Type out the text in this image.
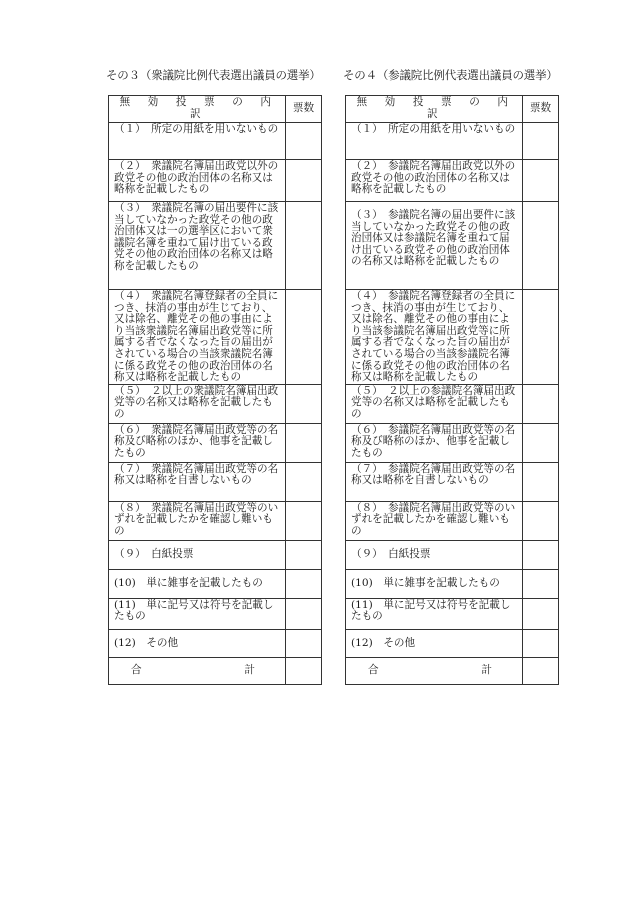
その３（衆議院比例代表選出議員の選挙）
無　効　投　票　の　内　訳	票数
（１）　所定の用紙を用いないもの	
（２）　衆議院名簿届出政党以外の政党その他の政治団体の名称又は略称を記載したもの	
（３）　衆議院名簿の届出要件に該当していなかった政党その他の政治団体又は一の選挙区において衆議院名簿を重ねて届け出ている政党その他の政治団体の名称又は略称を記載したもの	
（４）　衆議院名簿登録者の全員につき、抹消の事由が生じており、又は除名、離党その他の事由により当該衆議院名簿届出政党等に所属する者でなくなった旨の届出がされている場合の当該衆議院名簿に係る政党その他の政治団体の名称又は略称を記載したもの	
（５）　２以上の衆議院名簿届出政党等の名称又は略称を記載したもの	
（６）　衆議院名簿届出政党等の名称及び略称のほか、他事を記載したもの	
（７）　衆議院名簿届出政党等の名称又は略称を自書しないもの	
（８）　衆議院名簿届出政党等のいずれを記載したかを確認し難いもの	
（９）　白紙投票	
(10)　単に雑事を記載したもの	
(11)　単に記号又は符号を記載したもの	
(12)　その他	

合 計	

その４（参議院比例代表選出議員の選挙）
無　効　投　票　の　内　訳	票数
（１）　所定の用紙を用いないもの	
（２）　参議院名簿届出政党以外の政党その他の政治団体の名称又は略称を記載したもの	
（３）　参議院名簿の届出要件に該当していなかった政党その他の政治団体又は参議院名簿を重ねて届け出ている政党その他の政治団体の名称又は略称を記載したもの	
（４）　参議院名簿登録者の全員につき、抹消の事由が生じており、又は除名、離党その他の事由により当該参議院名簿届出政党等に所属する者でなくなった旨の届出がされている場合の当該参議院名簿に係る政党その他の政治団体の名称又は略称を記載したもの	
（５）　２以上の参議院名簿届出政党等の名称又は略称を記載したもの	
（６）　参議院名簿届出政党等の名称及び略称のほか、他事を記載したもの	
（７）　参議院名簿届出政党等の名称又は略称を自書しないもの	
（８）　参議院名簿届出政党等のいずれを記載したかを確認し難いもの	
（９）　白紙投票	
(10)　単に雑事を記載したもの	
(11)　単に記号又は符号を記載したもの	
(12)　その他	

合 計	
